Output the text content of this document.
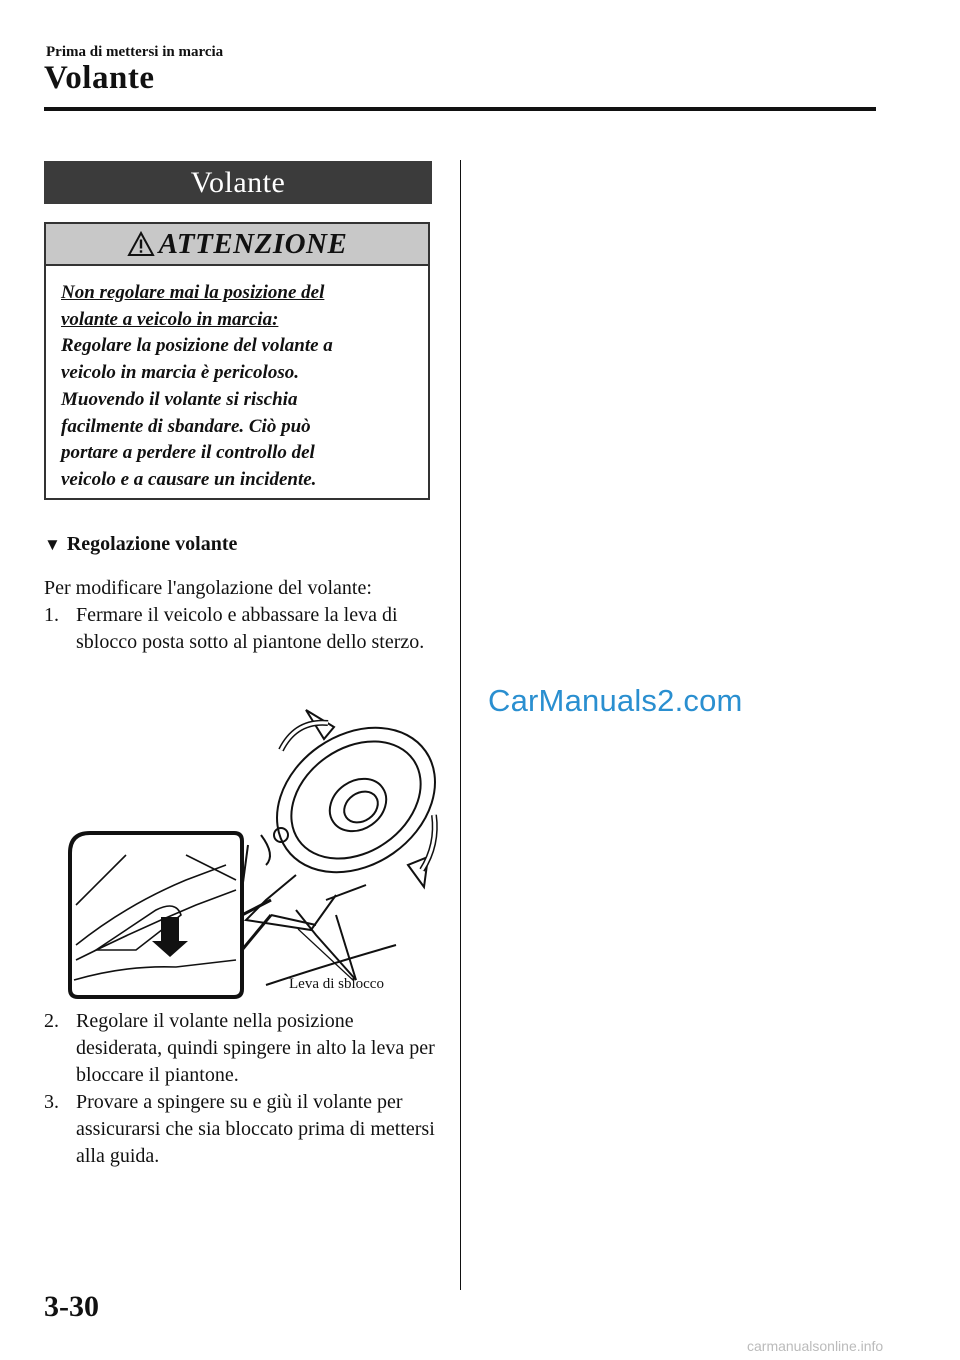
Prima di mettersi in marcia
Volante
Volante
ATTENZIONE
Non regolare mai la posizione del
volante a veicolo in marcia:
Regolare la posizione del volante a
veicolo in marcia è pericoloso.
Muovendo il volante si rischia
facilmente di sbandare. Ciò può
portare a perdere il controllo del
veicolo e a causare un incidente.
▼ Regolazione volante
Per modificare l'angolazione del volante:
1. Fermare il veicolo e abbassare la leva di sblocco posta sotto al piantone dello sterzo.
Leva di sblocco
2. Regolare il volante nella posizione desiderata, quindi spingere in alto la leva per bloccare il piantone.
3. Provare a spingere su e giù il volante per assicurarsi che sia bloccato prima di mettersi alla guida.
CarManuals2.com
3-30
carmanualsonline.info
